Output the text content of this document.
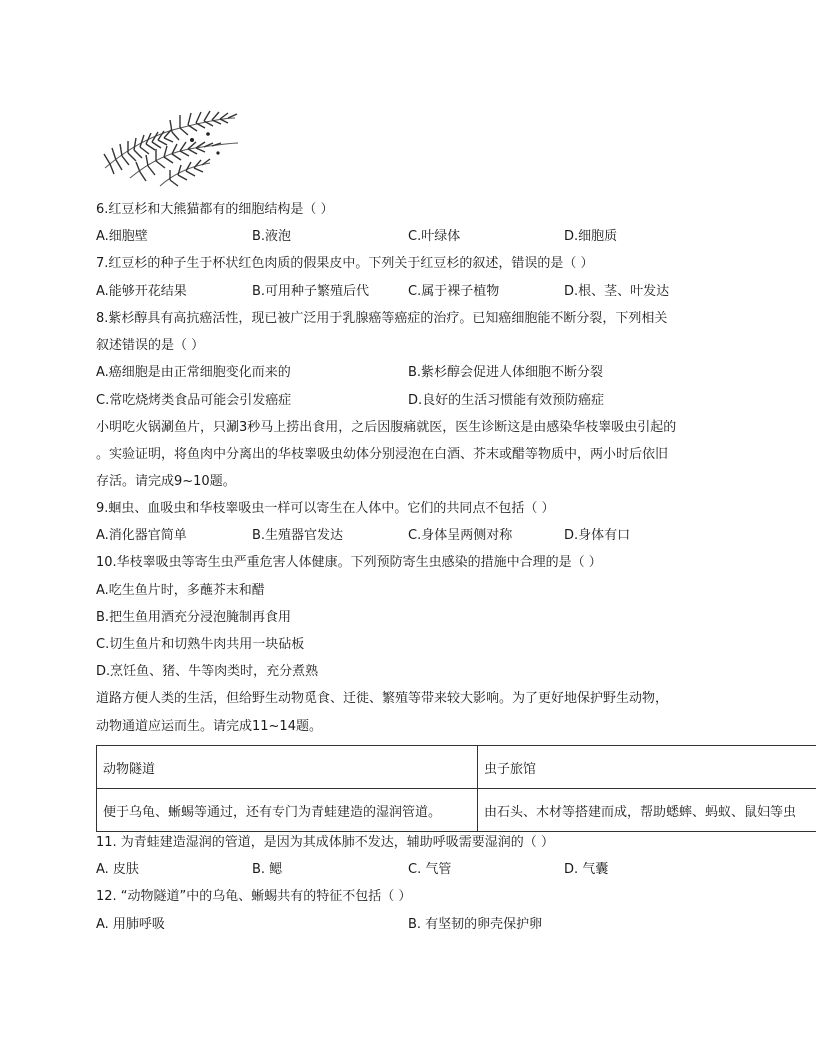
6.红豆杉和大熊猫都有的细胞结构是（ ）
A.细胞壁	B.液泡	C.叶绿体	D.细胞质
7.红豆杉的种子生于杯状红色肉质的假果皮中。下列关于红豆杉的叙述，错误的是（ ）
A.能够开花结果	B.可用种子繁殖后代	C.属于裸子植物	D.根、茎、叶发达
8.紫杉醇具有高抗癌活性，现已被广泛用于乳腺癌等癌症的治疗。已知癌细胞能不断分裂，下列相关
叙述错误的是（ ）
A.癌细胞是由正常细胞变化而来的	B.紫杉醇会促进人体细胞不断分裂
C.常吃烧烤类食品可能会引发癌症	D.良好的生活习惯能有效预防癌症
小明吃火锅涮鱼片，只涮3秒马上捞出食用，之后因腹痛就医，医生诊断这是由感染华枝睾吸虫引起的
。实验证明，将鱼肉中分离出的华枝睾吸虫幼体分别浸泡在白酒、芥末或醋等物质中，两小时后依旧
存活。请完成9~10题。
9.蛔虫、血吸虫和华枝睾吸虫一样可以寄生在人体中。它们的共同点不包括（ ）
A.消化器官简单	B.生殖器官发达	C.身体呈两侧对称	D.身体有口
10.华枝睾吸虫等寄生虫严重危害人体健康。下列预防寄生虫感染的措施中合理的是（ ）
A.吃生鱼片时，多蘸芥末和醋
B.把生鱼用酒充分浸泡腌制再食用
C.切生鱼片和切熟牛肉共用一块砧板
D.烹饪鱼、猪、牛等肉类时，充分煮熟
道路方便人类的生活，但给野生动物觅食、迁徙、繁殖等带来较大影响。为了更好地保护野生动物，
动物通道应运而生。请完成11~14题。
动物隧道	虫子旅馆
便于乌龟、蜥蜴等通过，还有专门为青蛙建造的湿润管道。	由石头、木材等搭建而成，帮助蟋蟀、蚂蚁、鼠妇等虫
11. 为青蛙建造湿润的管道，是因为其成体肺不发达，辅助呼吸需要湿润的（ ）
A. 皮肤	B. 鳃	C. 气管	D. 气囊
12. “动物隧道”中的乌龟、蜥蜴共有的特征不包括（ ）
A. 用肺呼吸	B. 有坚韧的卵壳保护卵
